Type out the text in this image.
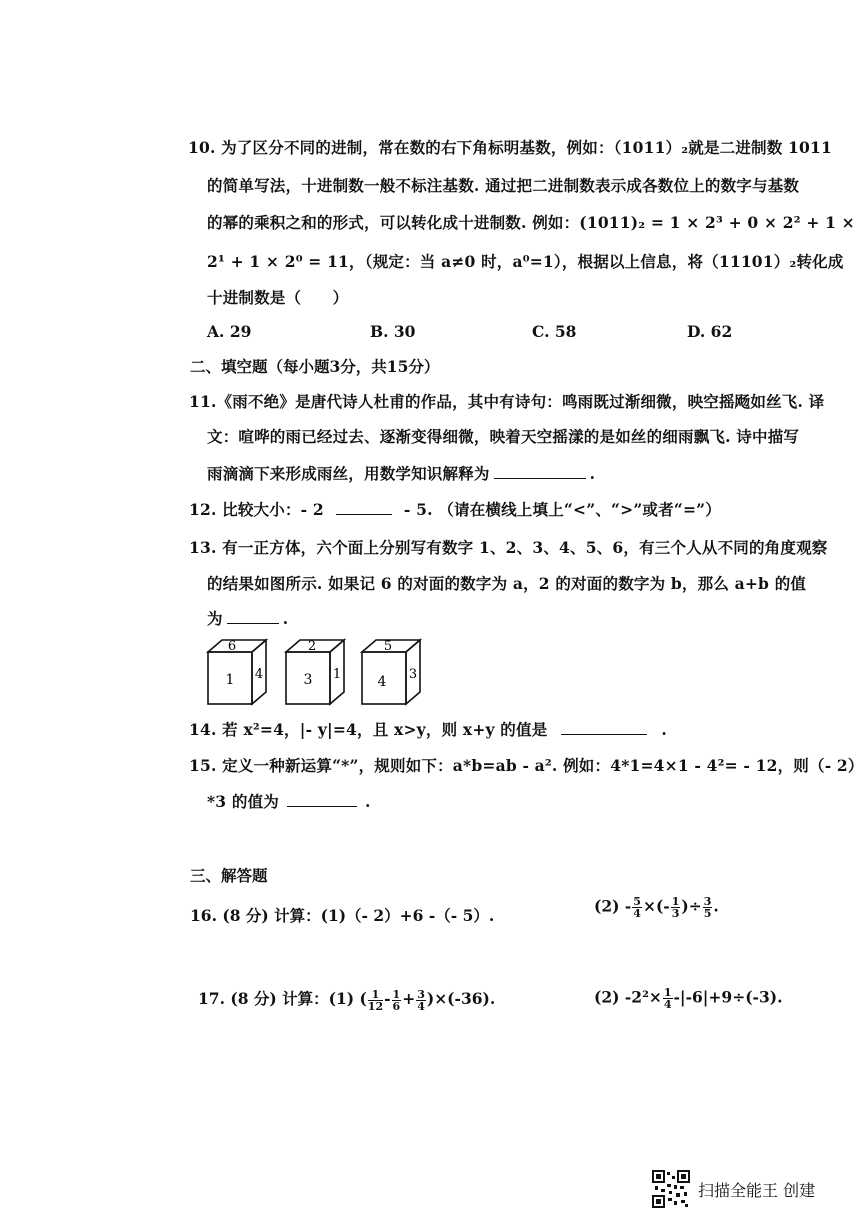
10. 为了区分不同的进制，常在数的右下角标明基数，例如：（1011）₂就是二进制数 1011
的简单写法，十进制数一般不标注基数. 通过把二进制数表示成各数位上的数字与基数
的幂的乘积之和的形式，可以转化成十进制数. 例如：(1011)₂ = 1 × 2³ + 0 × 2² + 1 ×
2¹ + 1 × 2⁰ = 11，（规定：当 a≠0 时，a⁰=1），根据以上信息，将（11101）₂转化成
十进制数是（　　）
A. 29	B. 30	C. 58	D. 62
二、填空题（每小题3分，共15分）
11.《雨不绝》是唐代诗人杜甫的作品，其中有诗句：鸣雨既过渐细微，映空摇飏如丝飞. 译
文：喧哗的雨已经过去、逐渐变得细微，映着天空摇漾的是如丝的细雨飘飞. 诗中描写
雨滴滴下来形成雨丝，用数学知识解释为	.
12. 比较大小：- 2	- 5. （请在横线上填上“<”、“>”或者“=”）
13. 有一正方体，六个面上分别写有数字 1、2、3、4、5、6，有三个人从不同的角度观察
的结果如图所示. 如果记 6 的对面的数字为 a，2 的对面的数字为 b，那么 a+b 的值
为	.
6
1 4
2
3 1
5
4 3
14. 若 x²=4，|- y|=4，且 x>y，则 x+y 的值是	.
15. 定义一种新运算“*”，规则如下：a*b=ab - a². 例如：4*1=4×1 - 4²= - 12，则（- 2）
*3 的值为	.
三、解答题
16. (8 分) 计算：(1)（- 2）+6 -（- 5）.	$(2) - \frac{5}{4}$ ×(- $\frac{1}{3}$ )÷ $\frac{3}{5}$ .
17. (8 分) 计算：(1) ( $\frac{1}{12} - \frac{1}{6} + \frac{3}{4} )\times(-36)$.	(2) $-2^2\times \frac{1}{4} -|-6|+9\div(-3)$.
扫描全能王 创建
